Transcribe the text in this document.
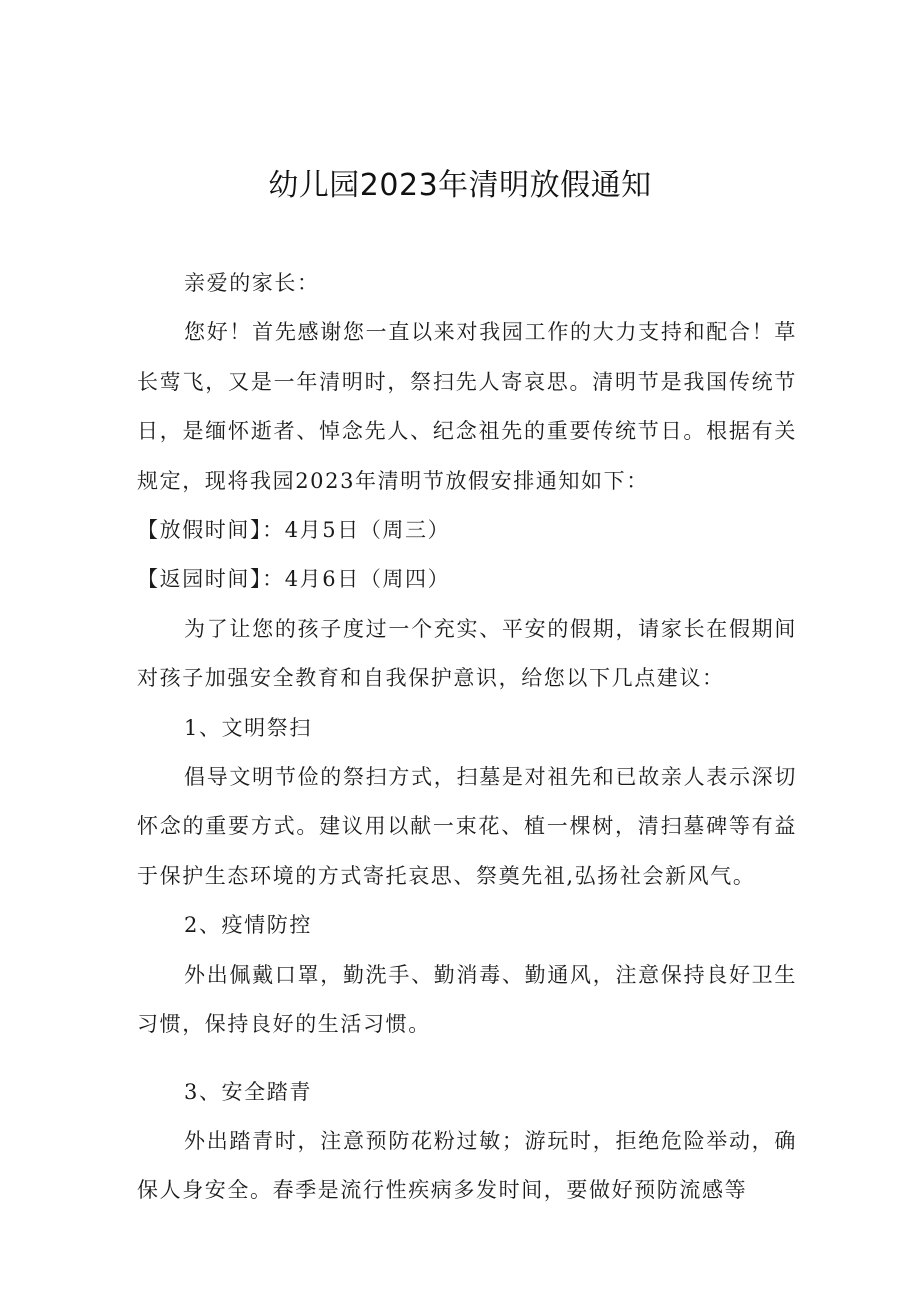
幼儿园2023年清明放假通知

亲爱的家长：

您好！首先感谢您一直以来对我园工作的大力支持和配合！草长莺飞，又是一年清明时，祭扫先人寄哀思。清明节是我国传统节日，是缅怀逝者、悼念先人、纪念祖先的重要传统节日。根据有关规定，现将我园2023年清明节放假安排通知如下：

【放假时间】：4月5日（周三）

【返园时间】：4月6日（周四）

为了让您的孩子度过一个充实、平安的假期，请家长在假期间对孩子加强安全教育和自我保护意识，给您以下几点建议：

1、文明祭扫

倡导文明节俭的祭扫方式，扫墓是对祖先和已故亲人表示深切怀念的重要方式。建议用以献一束花、植一棵树，清扫墓碑等有益于保护生态环境的方式寄托哀思、祭奠先祖,弘扬社会新风气。

2、疫情防控

外出佩戴口罩，勤洗手、勤消毒、勤通风，注意保持良好卫生习惯，保持良好的生活习惯。

3、安全踏青

外出踏青时，注意预防花粉过敏；游玩时，拒绝危险举动，确保人身安全。春季是流行性疾病多发时间，要做好预防流感等
